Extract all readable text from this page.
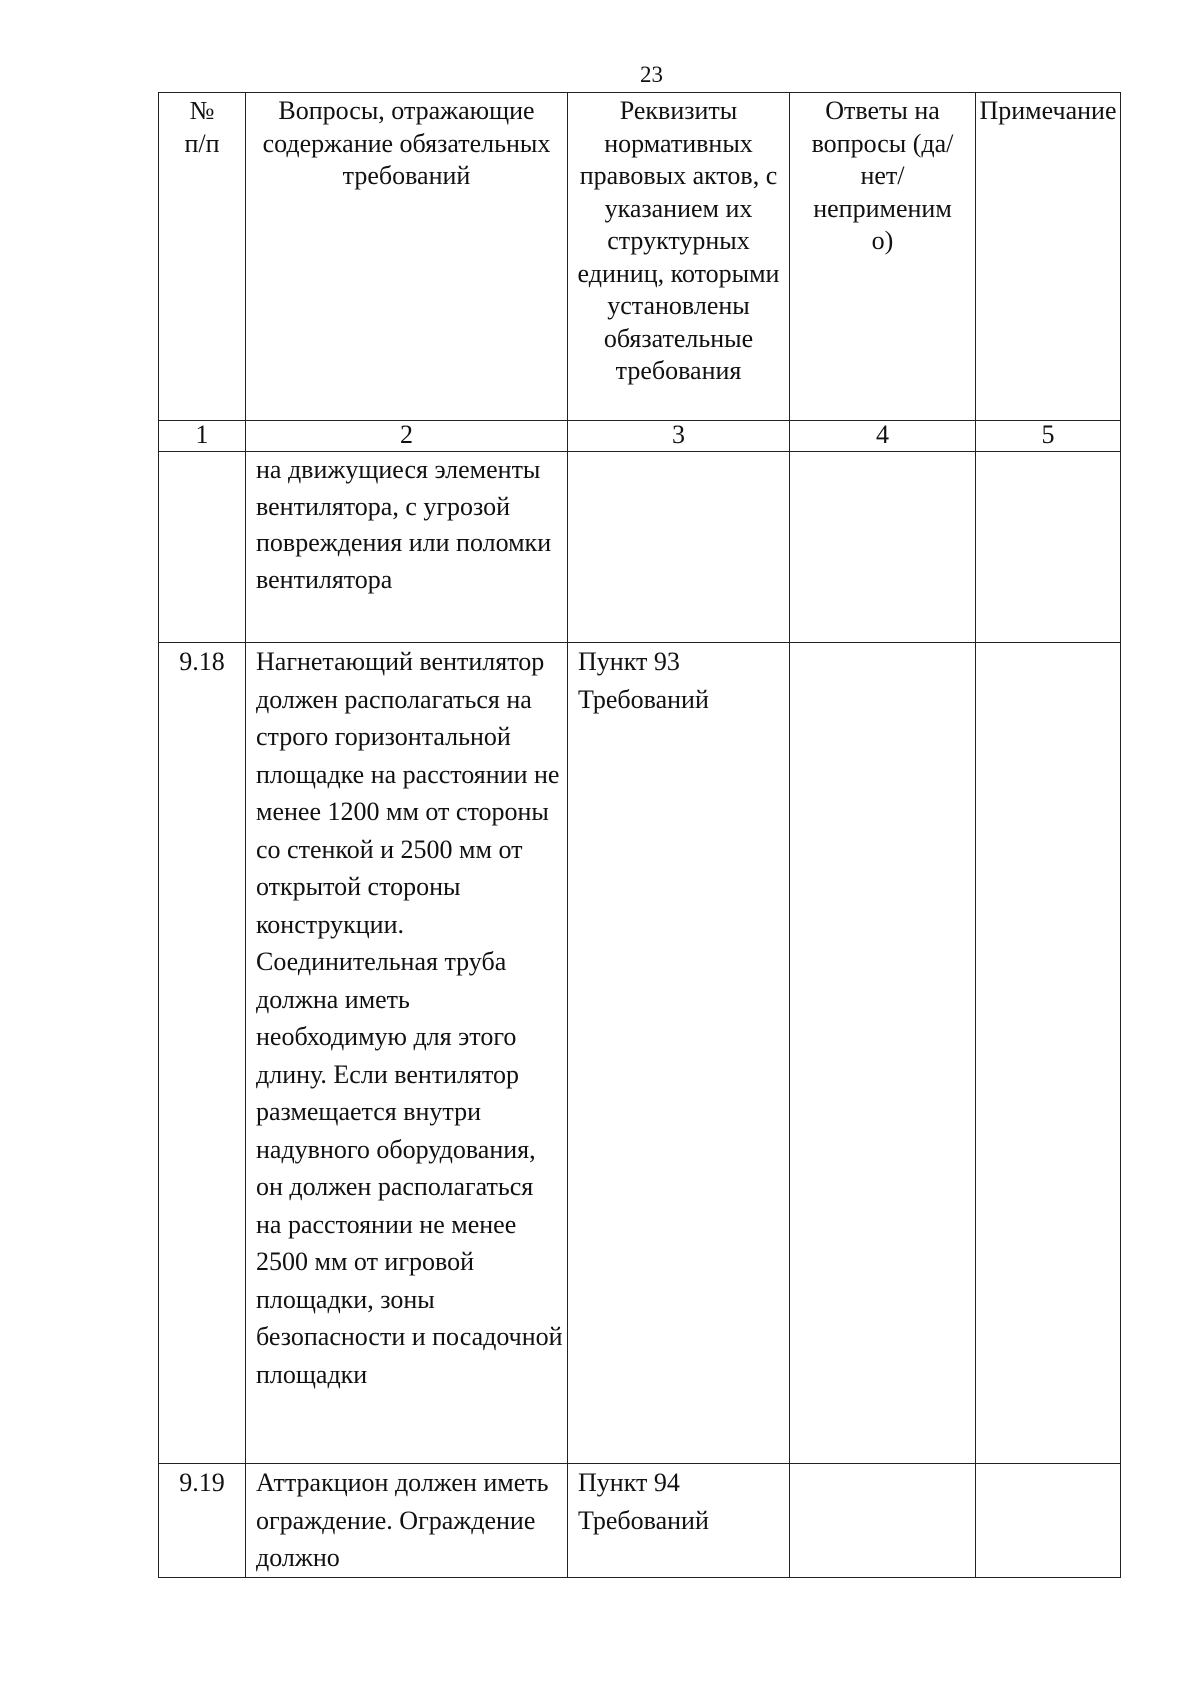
23
№ п/п	Вопросы, отражающие содержание обязательных требований	Реквизиты нормативных правовых актов, с указанием их структурных единиц, которыми установлены обязательные требования	Ответы на вопросы (да/нет/ неприменим о)	Примечание

1	2	3	4	5

	на движущиеся элементы вентилятора, с угрозой повреждения или поломки вентилятора			

9.18	Нагнетающий вентилятор должен располагаться на строго горизонтальной площадке на расстоянии не менее 1200 мм от стороны со стенкой и 2500 мм от открытой стороны конструкции. Соединительная труба должна иметь необходимую для этого длину. Если вентилятор размещается внутри надувного оборудования, он должен располагаться на расстоянии не менее 2500 мм от игровой площадки, зоны безопасности и посадочной площадки	Пункт 93 Требований		

9.19	Аттракцион должен иметь ограждение. Ограждение должно	Пункт 94 Требований		
